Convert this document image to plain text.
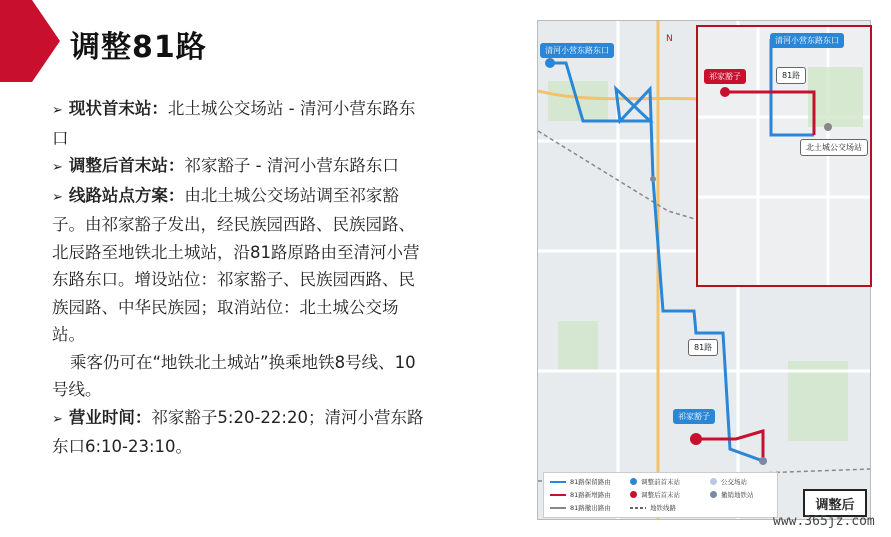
调整81路

➢ 现状首末站：北土城公交场站 - 清河小营东路东口

➢ 调整后首末站：祁家豁子 - 清河小营东路东口

➢ 线路站点方案：由北土城公交场站调至祁家豁子。由祁家豁子发出，经民族园西路、民族园路、北辰路至地铁北土城站，沿81路原路由至清河小营东路东口。增设站位：祁家豁子、民族园西路、民族园路、中华民族园；取消站位：北土城公交场站。

乘客仍可在“地铁北土城站”换乘地铁8号线、10号线。

➢ 营业时间：祁家豁子5:20-22:20；清河小营东路东口6:10-23:10。

N
清河小营东路东口
81路
祁家豁子
清河小营东路东口
81路
祁家豁子
北土城公交场站
81路保留路由	调整前首末站	公交场站
81路新增路由	调整后首末站	撤销地铁站
81路撤出路由	地铁线路	调整后
www.365jz.com
